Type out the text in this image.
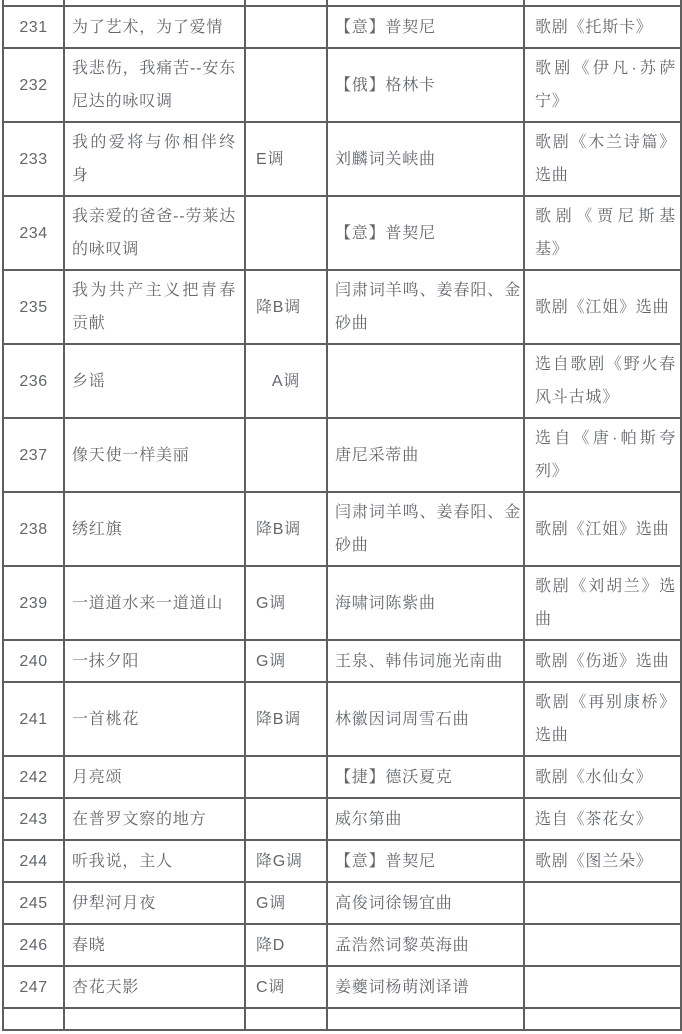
231	为了艺术，为了爱情		【意】普契尼	歌剧《托斯卡》
232	我悲伤，我痛苦--安东尼达的咏叹调		【俄】格林卡	歌剧《伊凡·苏萨宁》
233	我的爱将与你相伴终身	E调	刘麟词关峡曲	歌剧《木兰诗篇》选曲
234	我亲爱的爸爸--劳莱达的咏叹调		【意】普契尼	歌剧《贾尼斯基基》
235	我为共产主义把青春贡献	降B调	闫肃词羊鸣、姜春阳、金砂曲	歌剧《江姐》选曲
236	乡谣	A调		选自歌剧《野火春风斗古城》
237	像天使一样美丽		唐尼采蒂曲	选自《唐·帕斯夸列》
238	绣红旗	降B调	闫肃词羊鸣、姜春阳、金砂曲	歌剧《江姐》选曲
239	一道道水来一道道山	G调	海啸词陈紫曲	歌剧《刘胡兰》选曲
240	一抹夕阳	G调	王泉、韩伟词施光南曲	歌剧《伤逝》选曲
241	一首桃花	降B调	林徽因词周雪石曲	歌剧《再别康桥》选曲
242	月亮颂		【捷】德沃夏克	歌剧《水仙女》
243	在普罗文察的地方		威尔第曲	选自《茶花女》
244	听我说，主人	降G调	【意】普契尼	歌剧《图兰朵》
245	伊犁河月夜	G调	高俊词徐锡宜曲	
246	春晓	降D	孟浩然词黎英海曲	
247	杏花天影	C调	姜夔词杨萌浏译谱	
